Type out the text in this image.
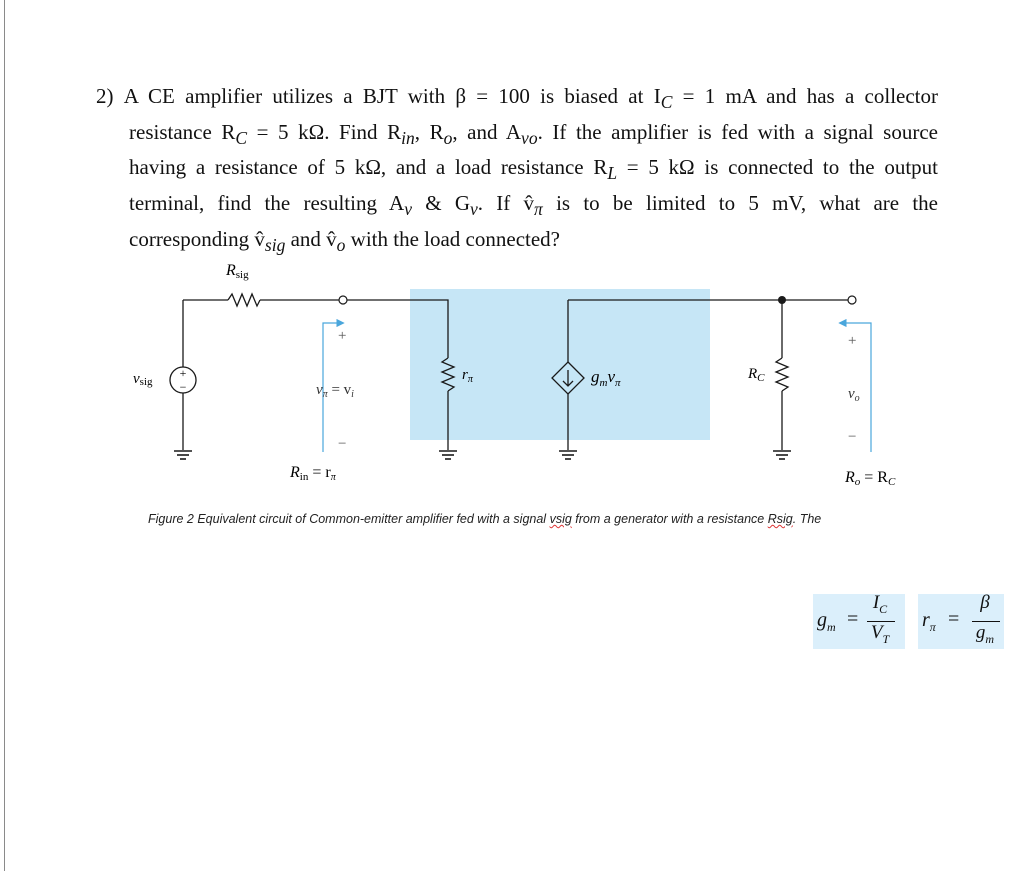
2) A CE amplifier utilizes a BJT with β = 100 is biased at $I_C = 1$ mA and has a collector
resistance $R_C = 5$ kΩ. Find $R_{in}$, $R_o$, and $A_{vo}$. If the amplifier is fed with a signal source
having a resistance of 5 kΩ, and a load resistance $R_L = 5$ kΩ is connected to the output
terminal, find the resulting $A_v$ & $G_v$. If $v̂_\pi$ is to be limited to 5 mV, what are the
corresponding $v̂_{sig}$ and $v̂_o$ with the load connected?
+
−
Rsig
vsig
+
$v_\pi = v_i$
−
$r_\pi$	$g_mv_\pi$
$R_C$
+
$v_o$
−
Rin = rπ	Ro = RC
Figure 2 Equivalent circuit of Common-emitter amplifier fed with a signal vsig from a generator with a resistance Rsig. The
$g_m$ =
$I_C$
$V_T$
$r_\pi$ =
β
$g_m$
